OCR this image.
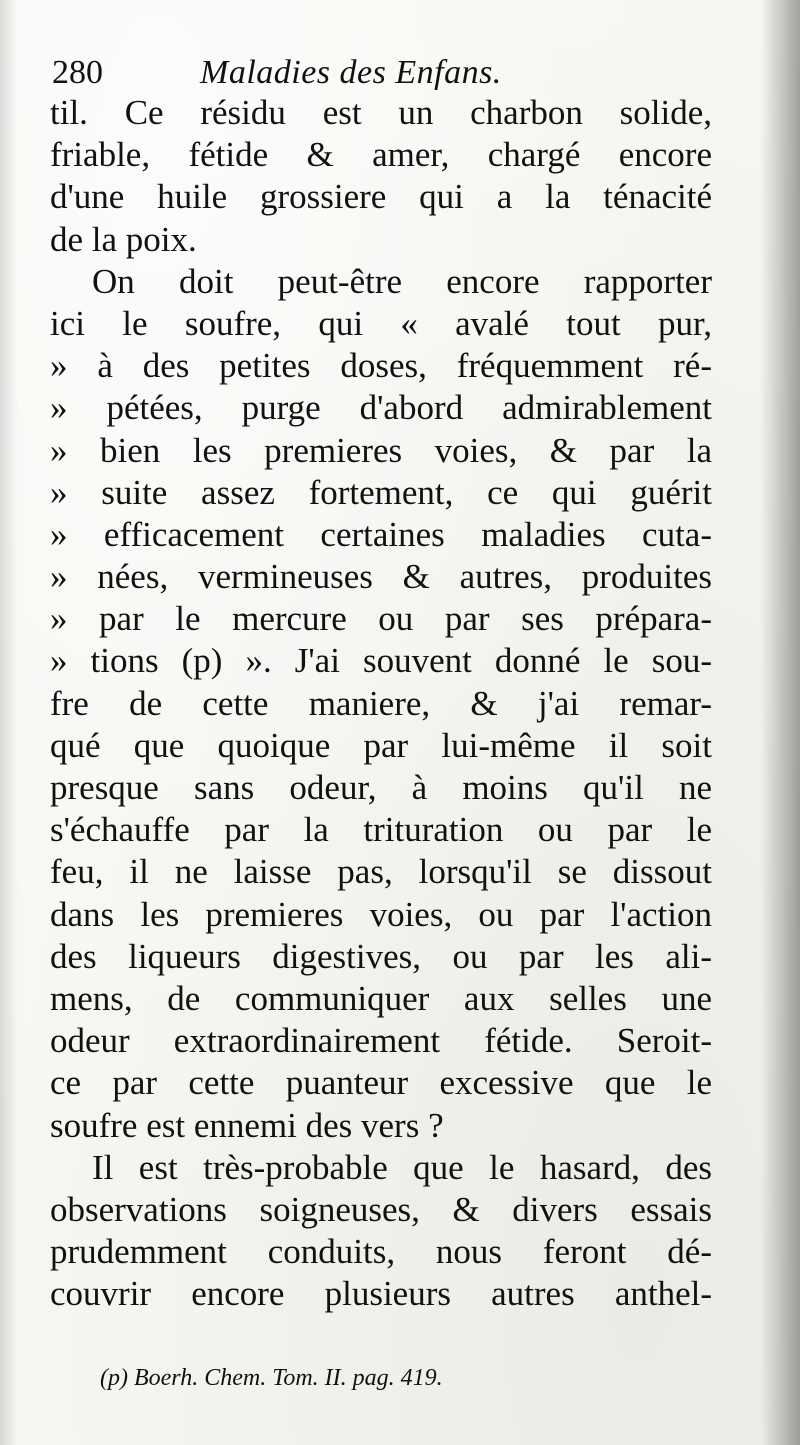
280	Maladies des Enfans.
til. Ce résidu est un charbon solide,
friable, fétide & amer, chargé encore
d'une huile grossiere qui a la ténacité
de la poix.
On doit peut-être encore rapporter
ici le soufre, qui « avalé tout pur,
» à des petites doses, fréquemment ré-
» pétées, purge d'abord admirablement
» bien les premieres voies, & par la
» suite assez fortement, ce qui guérit
» efficacement certaines maladies cuta-
» nées, vermineuses & autres, produites
» par le mercure ou par ses prépara-
» tions (p) ». J'ai souvent donné le sou-
fre de cette maniere, & j'ai remar-
qué que quoique par lui-même il soit
presque sans odeur, à moins qu'il ne
s'échauffe par la trituration ou par le
feu, il ne laisse pas, lorsqu'il se dissout
dans les premieres voies, ou par l'action
des liqueurs digestives, ou par les ali-
mens, de communiquer aux selles une
odeur extraordinairement fétide. Seroit-
ce par cette puanteur excessive que le
soufre est ennemi des vers ?
Il est très-probable que le hasard, des
observations soigneuses, & divers essais
prudemment conduits, nous feront dé-
couvrir encore plusieurs autres anthel-
(p) Boerh. Chem. Tom. II. pag. 419.
